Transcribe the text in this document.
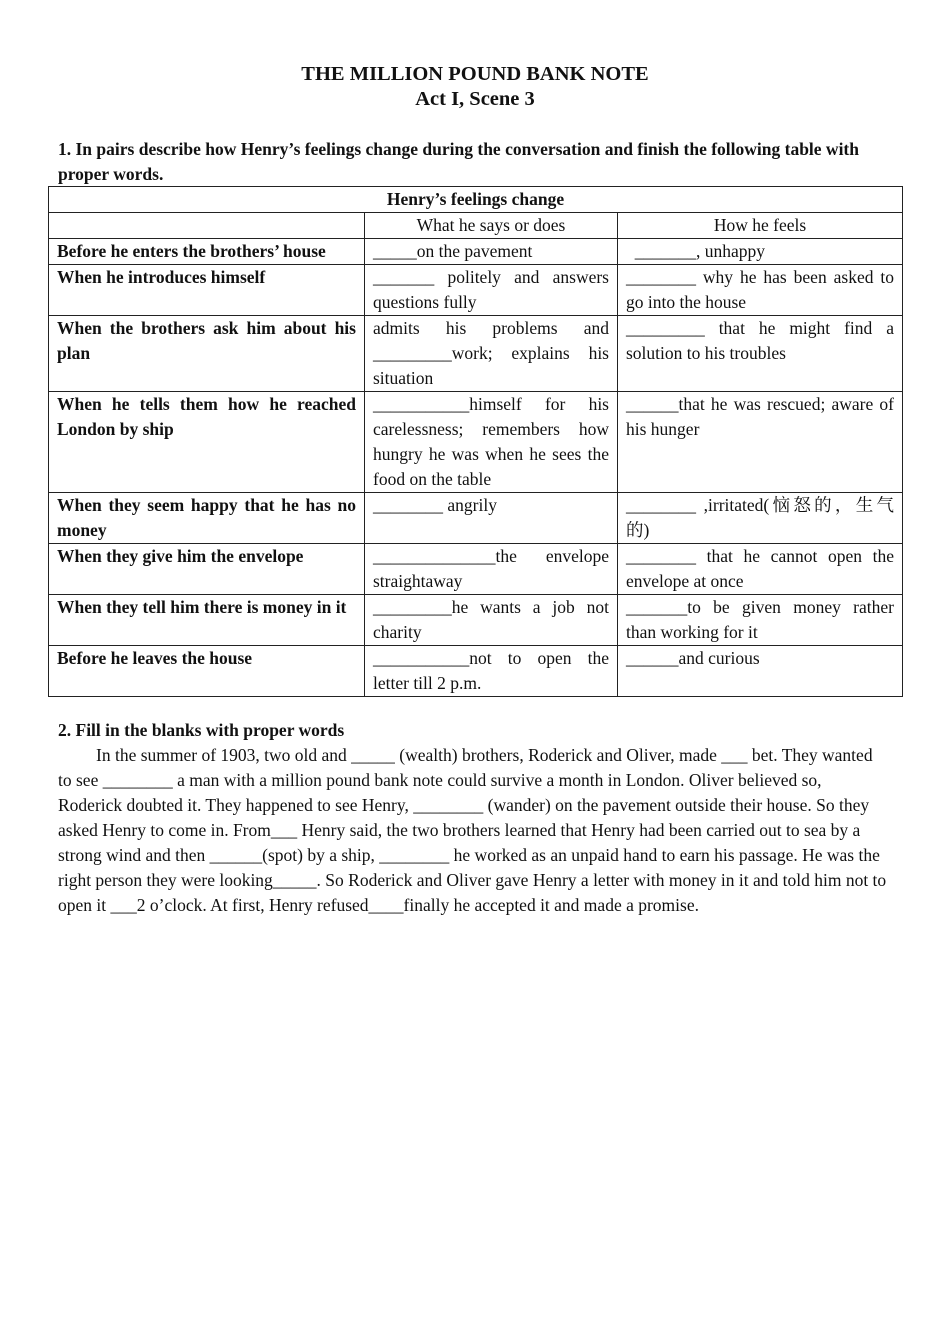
THE MILLION POUND BANK NOTE
Act I, Scene 3
1. In pairs describe how Henry’s feelings change during the conversation and finish the following table with proper words.
Henry’s feelings change		
	What he says or does	How he feels
Before he enters the brothers’ house	_____on the pavement	_______, unhappy
When he introduces himself	_______ politely and answers questions fully	________ why he has been asked to go into the house
When the brothers ask him about his plan	admits his problems and _________work; explains his situation	_________ that he might find a solution to his troubles
When he tells them how he reached London by ship	___________himself for his carelessness; remembers how hungry he was when he sees the food on the table	______that he was rescued; aware of his hunger
When they seem happy that he has no money	________ angrily	________ ,irritated(恼怒的，生气的)
When they give him the envelope	______________the envelope straightaway	________ that he cannot open the envelope at once
When they tell him there is money in it	_________he wants a job not charity	_______to be given money rather than working for it
Before he leaves the house	___________not to open the letter till 2 p.m.	______and curious
2. Fill in the blanks with proper words
In the summer of 1903, two old and _____ (wealth) brothers, Roderick and Oliver, made ___ bet. They wanted to see ________ a man with a million pound bank note could survive a month in London. Oliver believed so, Roderick doubted it. They happened to see Henry, ________ (wander) on the pavement outside their house. So they asked Henry to come in. From___ Henry said, the two brothers learned that Henry had been carried out to sea by a strong wind and then ______(spot) by a ship, ________ he worked as an unpaid hand to earn his passage. He was the right person they were looking_____. So Roderick and Oliver gave Henry a letter with money in it and told him not to open it ___2 o’clock. At first, Henry refused____finally he accepted it and made a promise.
